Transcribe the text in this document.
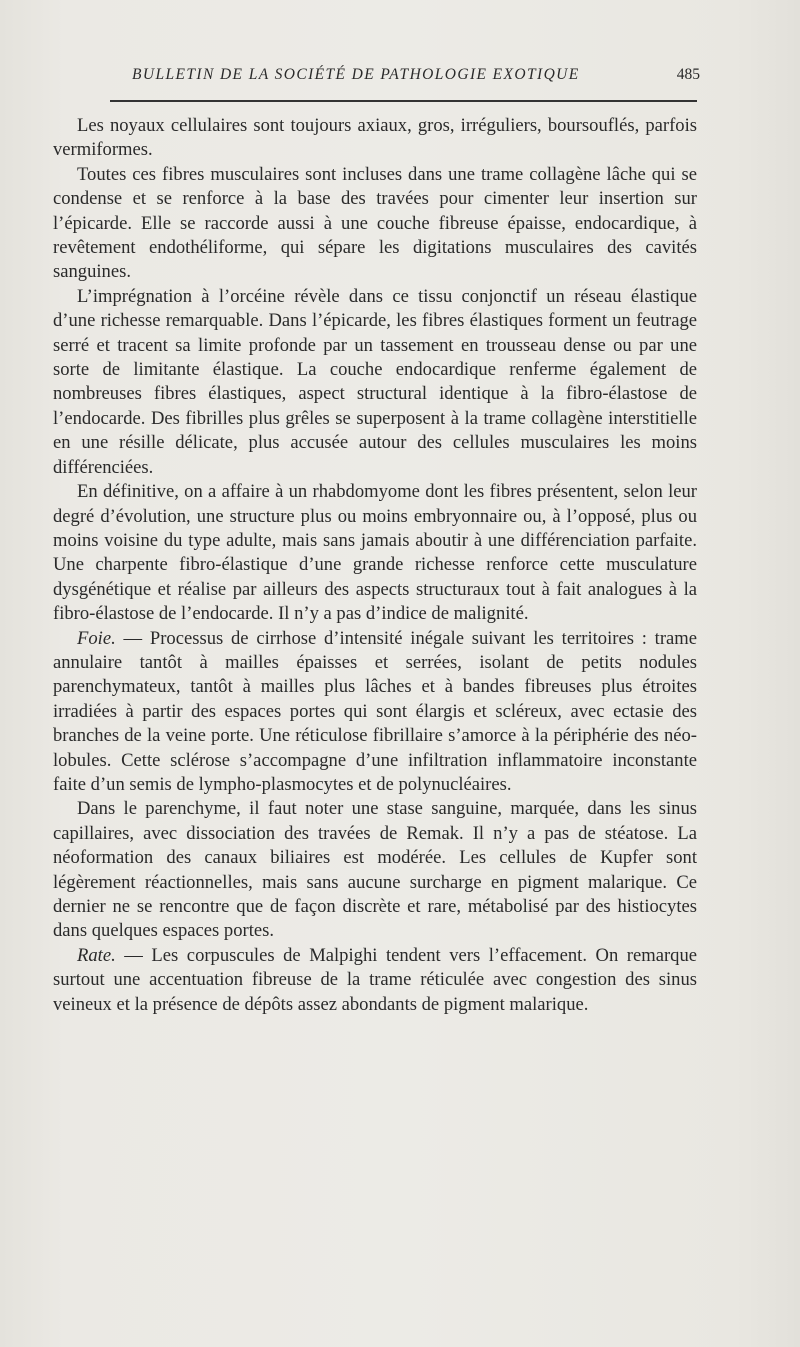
BULLETIN DE LA SOCIÉTÉ DE PATHOLOGIE EXOTIQUE	485

Les noyaux cellulaires sont toujours axiaux, gros, irréguliers, boursouflés, parfois vermiformes.

Toutes ces fibres musculaires sont incluses dans une trame collagène lâche qui se condense et se renforce à la base des travées pour cimenter leur insertion sur l’épicarde. Elle se raccorde aussi à une couche fibreuse épaisse, endocardique, à revêtement endothéliforme, qui sépare les digitations musculaires des cavités sanguines.

L’imprégnation à l’orcéine révèle dans ce tissu conjonctif un réseau élastique d’une richesse remarquable. Dans l’épicarde, les fibres élastiques forment un feutrage serré et tracent sa limite profonde par un tassement en trousseau dense ou par une sorte de limitante élastique. La couche endocardique renferme également de nombreuses fibres élastiques, aspect structural identique à la fibro-élastose de l’endocarde. Des fibrilles plus grêles se superposent à la trame collagène interstitielle en une résille délicate, plus accusée autour des cellules musculaires les moins différenciées.

En définitive, on a affaire à un rhabdomyome dont les fibres présentent, selon leur degré d’évolution, une structure plus ou moins embryonnaire ou, à l’opposé, plus ou moins voisine du type adulte, mais sans jamais aboutir à une différenciation parfaite. Une charpente fibro-élastique d’une grande richesse renforce cette musculature dysgénétique et réalise par ailleurs des aspects structuraux tout à fait analogues à la fibro-élastose de l’endocarde. Il n’y a pas d’indice de malignité.

Foie. — Processus de cirrhose d’intensité inégale suivant les territoires : trame annulaire tantôt à mailles épaisses et serrées, isolant de petits nodules parenchymateux, tantôt à mailles plus lâches et à bandes fibreuses plus étroites irradiées à partir des espaces portes qui sont élargis et scléreux, avec ectasie des branches de la veine porte. Une réticulose fibrillaire s’amorce à la périphérie des néo-lobules. Cette sclérose s’accompagne d’une infiltration inflammatoire inconstante faite d’un semis de lympho-plasmocytes et de polynucléaires.

Dans le parenchyme, il faut noter une stase sanguine, marquée, dans les sinus capillaires, avec dissociation des travées de Remak. Il n’y a pas de stéatose. La néoformation des canaux biliaires est modérée. Les cellules de Kupfer sont légèrement réactionnelles, mais sans aucune surcharge en pigment malarique. Ce dernier ne se rencontre que de façon discrète et rare, métabolisé par des histiocytes dans quelques espaces portes.

Rate. — Les corpuscules de Malpighi tendent vers l’effacement. On remarque surtout une accentuation fibreuse de la trame réticulée avec congestion des sinus veineux et la présence de dépôts assez abondants de pigment malarique.
